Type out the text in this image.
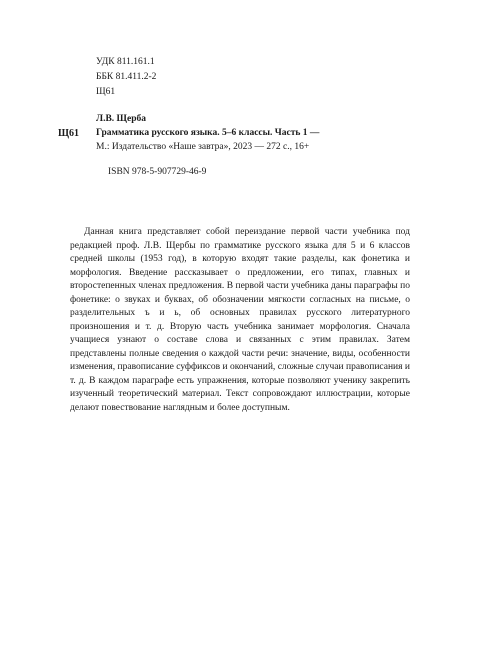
УДК 811.161.1
ББК 81.411.2-2
Щ61
Щ61
Л.В. Щерба
Грамматика русского языка. 5–6 классы. Часть 1 —
М.: Издательство «Наше завтра», 2023 — 272 с., 16+
ISBN 978-5-907729-46-9

Данная книга представляет собой переиздание первой части учебника под редакцией проф. Л.В. Щербы по грамматике русского языка для 5 и 6 классов средней школы (1953 год), в которую входят такие разделы, как фонетика и морфология. Введение рассказывает о предложении, его типах, главных и второстепенных членах предложения. В первой части учебника даны параграфы по фонетике: о звуках и буквах, об обозначении мягкости согласных на письме, о разделительных ъ и ь, об основных правилах русского литературного произношения и т. д. Вторую часть учебника занимает морфология. Сначала учащиеся узнают о составе слова и связанных с этим правилах. Затем представлены полные сведения о каждой части речи: значение, виды, особенности изменения, правописание суффиксов и окончаний, сложные случаи правописания и т. д. В каждом параграфе есть упражнения, которые позволяют ученику закрепить изученный теоретический материал. Текст сопровождают иллюстрации, которые делают повествование наглядным и более доступным.
